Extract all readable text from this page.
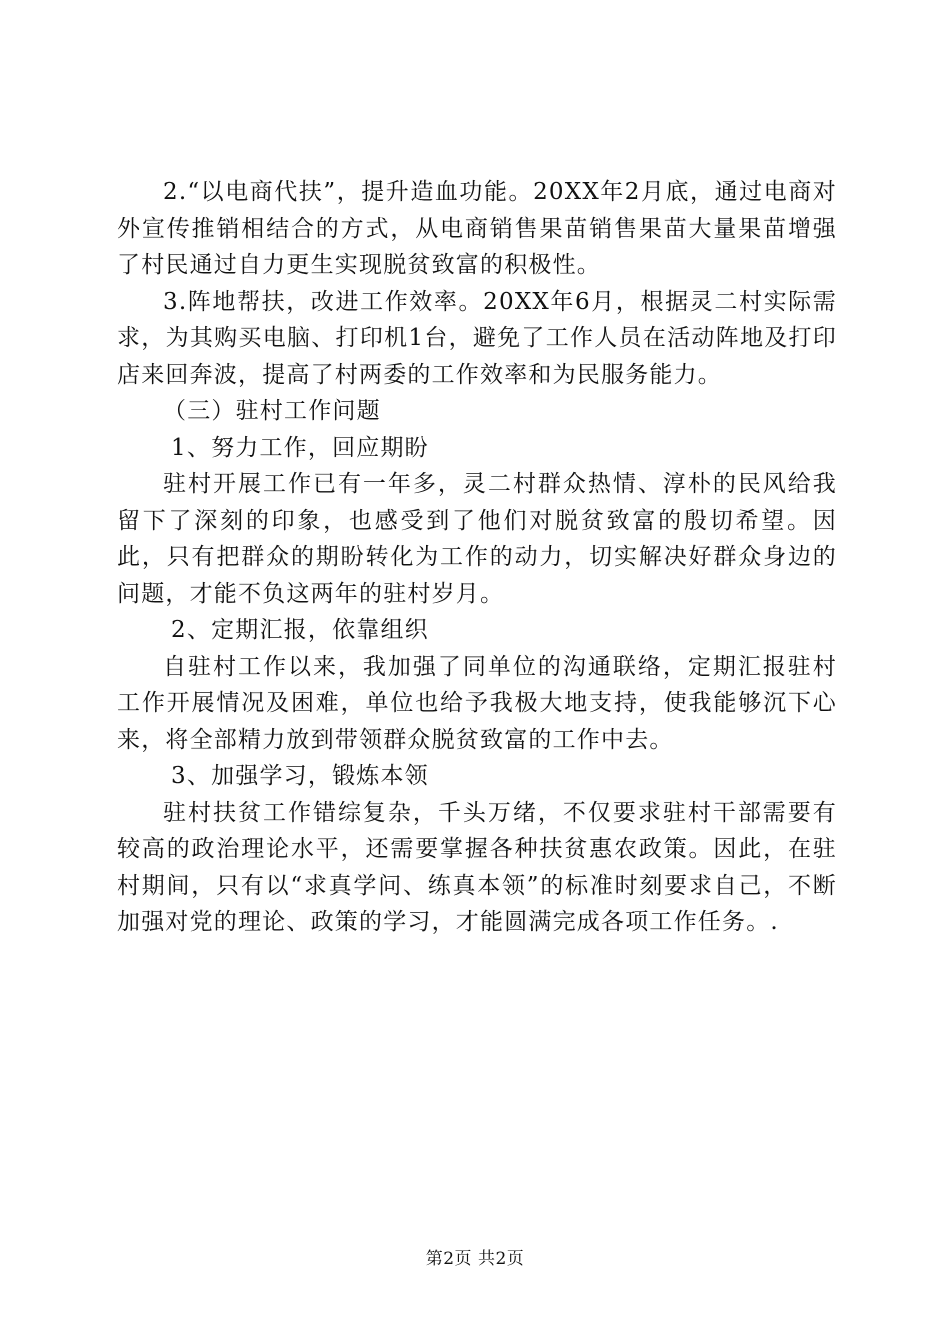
2.“以电商代扶”，提升造血功能。20XX年2月底，通过电商对外宣传推销相结合的方式，从电商销售果苗销售果苗大量果苗增强了村民通过自力更生实现脱贫致富的积极性。

3.阵地帮扶，改进工作效率。20XX年6月，根据灵二村实际需求，为其购买电脑、打印机1台，避免了工作人员在活动阵地及打印店来回奔波，提高了村两委的工作效率和为民服务能力。

（三）驻村工作问题

1、努力工作，回应期盼

驻村开展工作已有一年多，灵二村群众热情、淳朴的民风给我留下了深刻的印象，也感受到了他们对脱贫致富的殷切希望。因此，只有把群众的期盼转化为工作的动力，切实解决好群众身边的问题，才能不负这两年的驻村岁月。

2、定期汇报，依靠组织

自驻村工作以来，我加强了同单位的沟通联络，定期汇报驻村工作开展情况及困难，单位也给予我极大地支持，使我能够沉下心来，将全部精力放到带领群众脱贫致富的工作中去。

3、加强学习，锻炼本领

驻村扶贫工作错综复杂，千头万绪，不仅要求驻村干部需要有较高的政治理论水平，还需要掌握各种扶贫惠农政策。因此，在驻村期间，只有以“求真学问、练真本领”的标准时刻要求自己，不断加强对党的理论、政策的学习，才能圆满完成各项工作任务。.

第2页 共2页
